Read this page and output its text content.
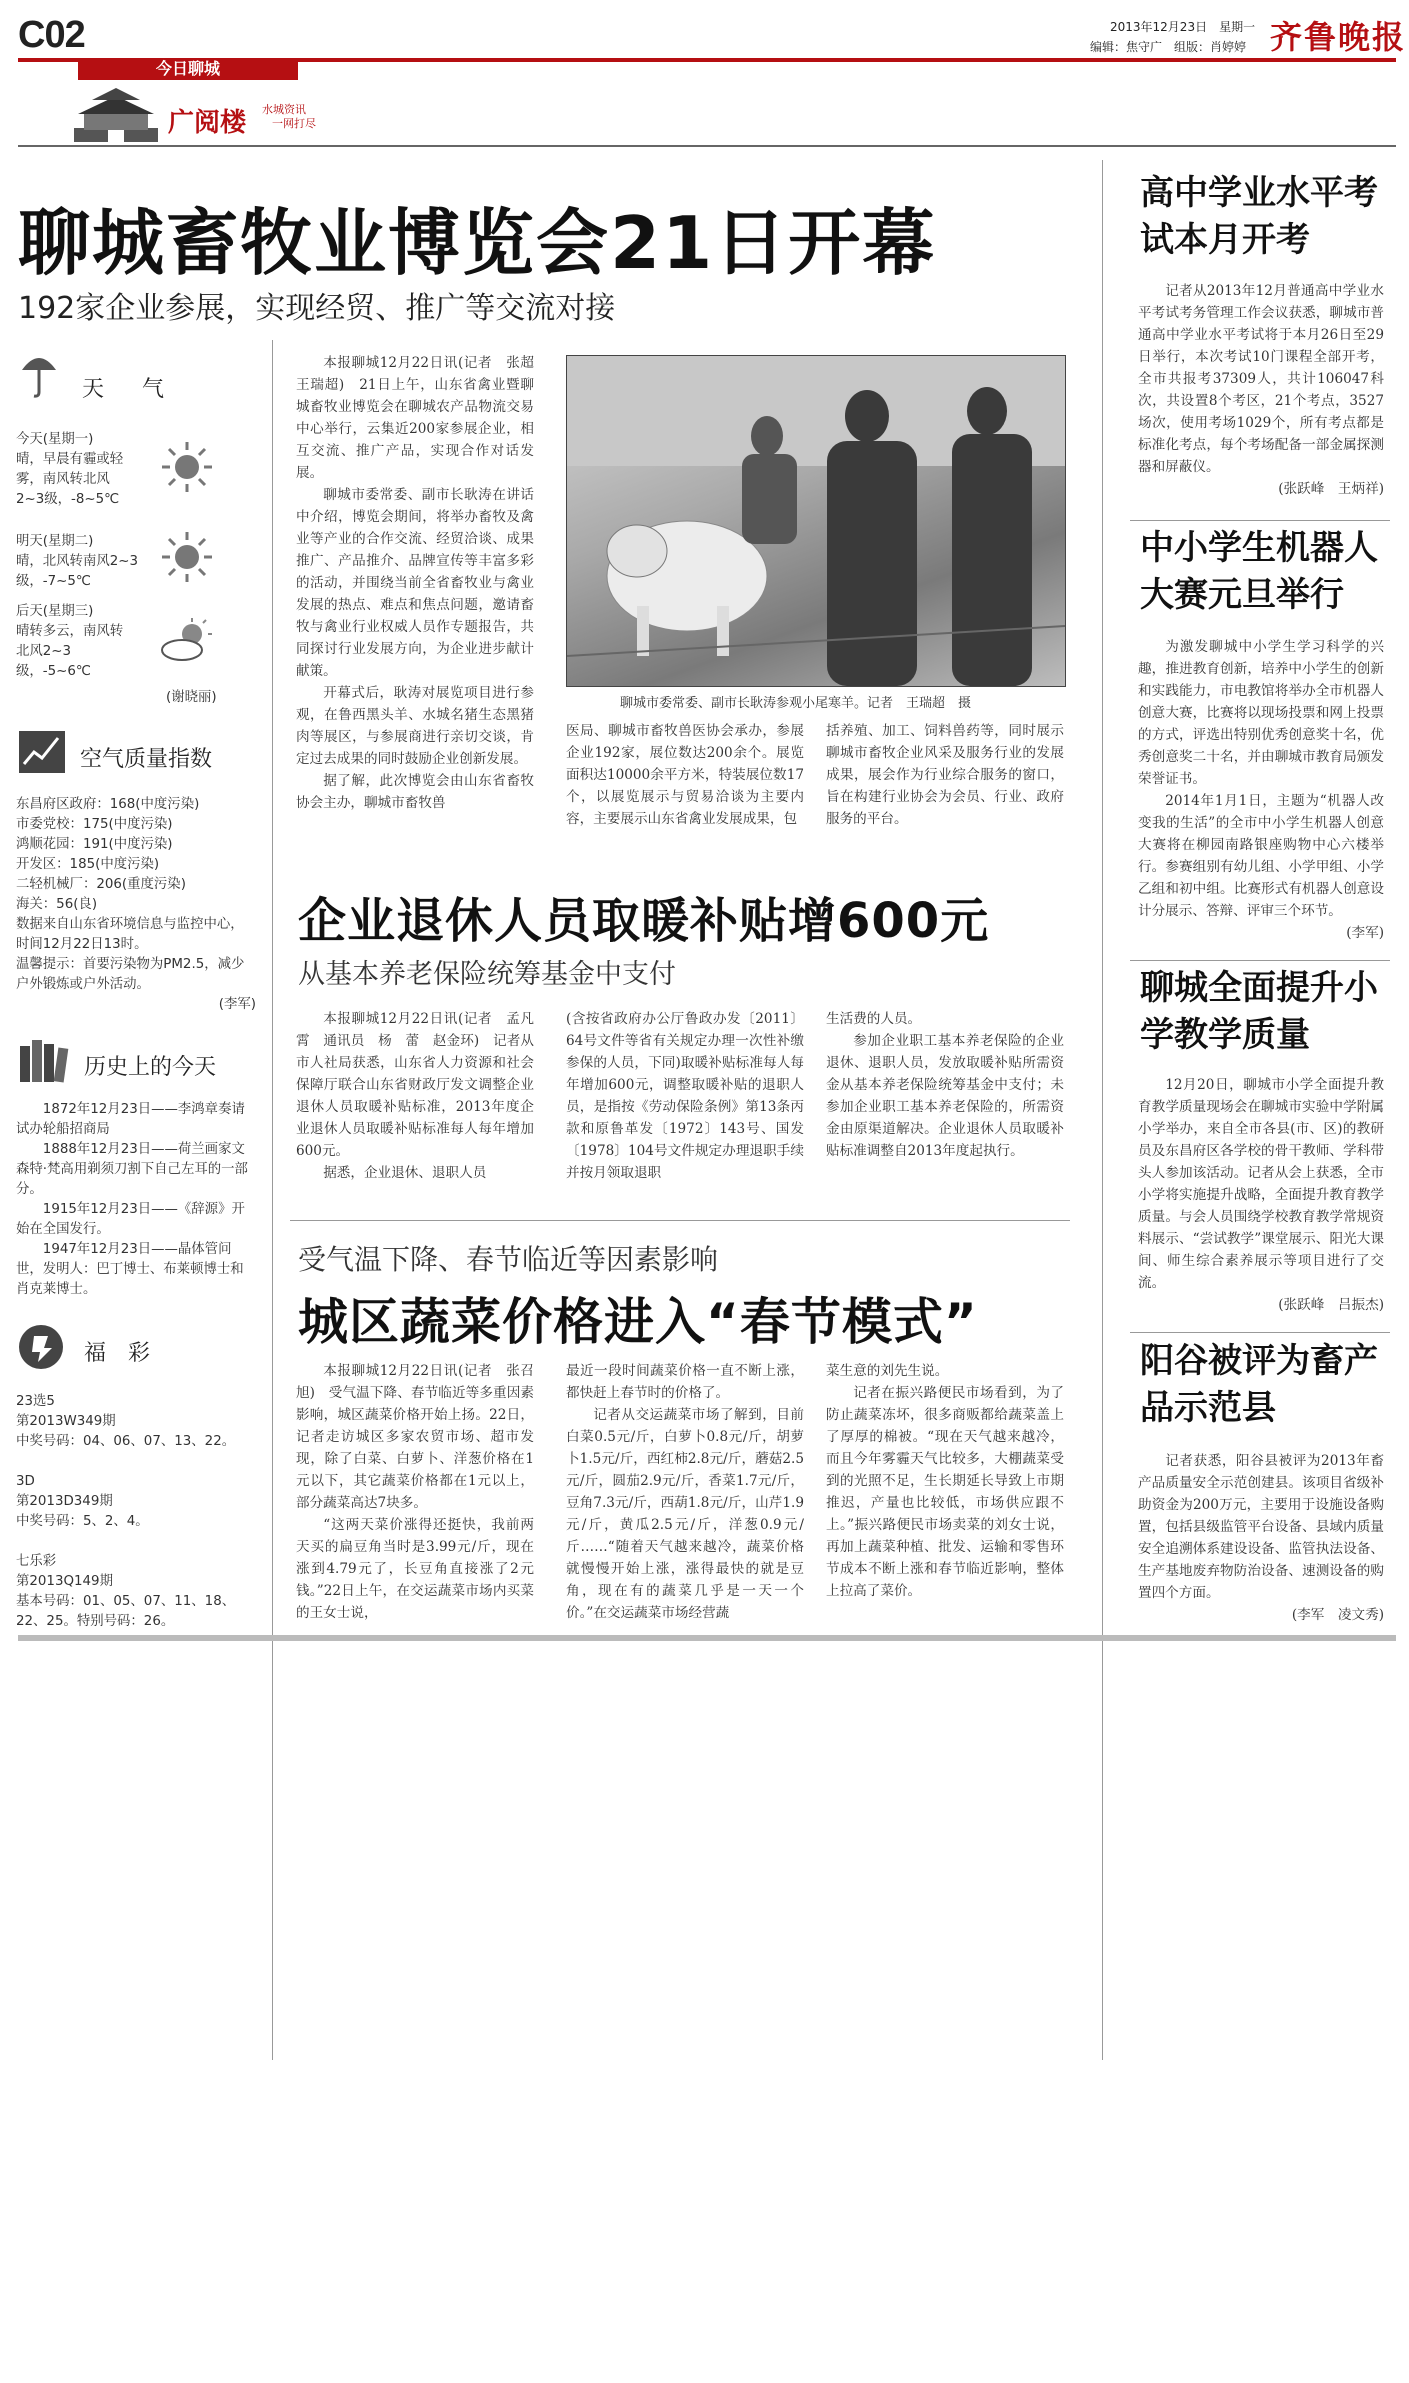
C02	2013年12月23日　星期一
编辑：焦守广　组版：肖婷婷 齐鲁晚报
今日聊城
广阅楼 水城资讯
一网打尽
聊城畜牧业博览会21日开幕
192家企业参展，实现经贸、推广等交流对接
天　气
今天(星期一)
晴，早晨有霾或轻雾，南风转北风2~3级，-8~5℃
明天(星期二)
晴，北风转南风2~3级，-7~5℃
后天(星期三)
晴转多云，南风转北风2~3级，-5~6℃
(谢晓丽)
空气质量指数
东昌府区政府：168(中度污染)
市委党校：175(中度污染)
鸿顺花园：191(中度污染)
开发区：185(中度污染)
二轻机械厂：206(重度污染)
海关：56(良)
数据来自山东省环境信息与监控中心，时间12月22日13时。
温馨提示：首要污染物为PM2.5，减少户外锻炼或户外活动。
(李军)
历史上的今天
1872年12月23日——李鸿章奏请试办轮船招商局
1888年12月23日——荷兰画家文森特·梵高用剃须刀割下自己左耳的一部分。
1915年12月23日——《辞源》开始在全国发行。
1947年12月23日——晶体管问世，发明人：巴丁博士、布莱顿博士和肖克莱博士。
福　彩
23选5
第2013W349期
中奖号码：04、06、07、13、22。
3D
第2013D349期
中奖号码：5、2、4。
七乐彩
第2013Q149期
基本号码：01、05、07、11、18、22、25。特别号码：26。

本报聊城12月22日讯(记者　张超　王瑞超)　21日上午，山东省禽业暨聊城畜牧业博览会在聊城农产品物流交易中心举行，云集近200家参展企业，相互交流、推广产品，实现合作对话发展。

聊城市委常委、副市长耿涛在讲话中介绍，博览会期间，将举办畜牧及禽业等产业的合作交流、经贸洽谈、成果推广、产品推介、品牌宣传等丰富多彩的活动，并围绕当前全省畜牧业与禽业发展的热点、难点和焦点问题，邀请畜牧与禽业行业权威人员作专题报告，共同探讨行业发展方向，为企业进步献计献策。

开幕式后，耿涛对展览项目进行参观，在鲁西黑头羊、水城名猪生态黑猪肉等展区，与参展商进行亲切交谈，肯定过去成果的同时鼓励企业创新发展。

据了解，此次博览会由山东省畜牧协会主办，聊城市畜牧兽

聊城市委常委、副市长耿涛参观小尾寒羊。记者　王瑞超　摄

医局、聊城市畜牧兽医协会承办，参展企业192家，展位数达200余个。展览面积达10000余平方米，特装展位数17个，以展览展示与贸易洽谈为主要内容，主要展示山东省禽业发展成果，包

括养殖、加工、饲料兽药等，同时展示聊城市畜牧企业风采及服务行业的发展成果，展会作为行业综合服务的窗口，旨在构建行业协会为会员、行业、政府服务的平台。

企业退休人员取暖补贴增600元
从基本养老保险统筹基金中支付

本报聊城12月22日讯(记者　孟凡霄　通讯员　杨　蕾　赵金环)　记者从市人社局获悉，山东省人力资源和社会保障厅联合山东省财政厅发文调整企业退休人员取暖补贴标准，2013年度企业退休人员取暖补贴标准每人每年增加600元。

据悉，企业退休、退职人员

(含按省政府办公厅鲁政办发〔2011〕64号文件等省有关规定办理一次性补缴参保的人员，下同)取暖补贴标准每人每年增加600元，调整取暖补贴的退职人员，是指按《劳动保险条例》第13条丙款和原鲁革发〔1972〕143号、国发〔1978〕104号文件规定办理退职手续并按月领取退职

生活费的人员。

参加企业职工基本养老保险的企业退休、退职人员，发放取暖补贴所需资金从基本养老保险统筹基金中支付；未参加企业职工基本养老保险的，所需资金由原渠道解决。企业退休人员取暖补贴标准调整自2013年度起执行。

受气温下降、春节临近等因素影响
城区蔬菜价格进入“春节模式”

本报聊城12月22日讯(记者　张召旭)　受气温下降、春节临近等多重因素影响，城区蔬菜价格开始上扬。22日，记者走访城区多家农贸市场、超市发现，除了白菜、白萝卜、洋葱价格在1元以下，其它蔬菜价格都在1元以上，部分蔬菜高达7块多。

“这两天菜价涨得还挺快，我前两天买的扁豆角当时是3.99元/斤，现在涨到4.79元了，长豆角直接涨了2元钱。”22日上午，在交运蔬菜市场内买菜的王女士说，

最近一段时间蔬菜价格一直不断上涨，都快赶上春节时的价格了。

记者从交运蔬菜市场了解到，目前白菜0.5元/斤，白萝卜0.8元/斤，胡萝卜1.5元/斤，西红柿2.8元/斤，蘑菇2.5元/斤，圆茄2.9元/斤，香菜1.7元/斤，豆角7.3元/斤，西葫1.8元/斤，山芹1.9元/斤，黄瓜2.5元/斤，洋葱0.9元/斤……“随着天气越来越冷，蔬菜价格就慢慢开始上涨，涨得最快的就是豆角，现在有的蔬菜几乎是一天一个价。”在交运蔬菜市场经营蔬

菜生意的刘先生说。

记者在振兴路便民市场看到，为了防止蔬菜冻坏，很多商贩都给蔬菜盖上了厚厚的棉被。“现在天气越来越冷，而且今年雾霾天气比较多，大棚蔬菜受到的光照不足，生长期延长导致上市期推迟，产量也比较低，市场供应跟不上。”振兴路便民市场卖菜的刘女士说，再加上蔬菜种植、批发、运输和零售环节成本不断上涨和春节临近影响，整体上拉高了菜价。

高中学业水平考试本月开考

记者从2013年12月普通高中学业水平考试考务管理工作会议获悉，聊城市普通高中学业水平考试将于本月26日至29日举行，本次考试10门课程全部开考，全市共报考37309人，共计106047科次，共设置8个考区，21个考点，3527场次，使用考场1029个，所有考点都是标准化考点，每个考场配备一部金属探测器和屏蔽仪。

(张跃峰　王炳祥)
中小学生机器人大赛元旦举行

为激发聊城中小学生学习科学的兴趣，推进教育创新，培养中小学生的创新和实践能力，市电教馆将举办全市机器人创意大赛，比赛将以现场投票和网上投票的方式，评选出特别优秀创意奖十名，优秀创意奖二十名，并由聊城市教育局颁发荣誉证书。

2014年1月1日，主题为“机器人改变我的生活”的全市中小学生机器人创意大赛将在柳园南路银座购物中心六楼举行。参赛组别有幼儿组、小学甲组、小学乙组和初中组。比赛形式有机器人创意设计分展示、答辩、评审三个环节。

(李军)
聊城全面提升小学教学质量

12月20日，聊城市小学全面提升教育教学质量现场会在聊城市实验中学附属小学举办，来自全市各县(市、区)的教研员及东昌府区各学校的骨干教师、学科带头人参加该活动。记者从会上获悉，全市小学将实施提升战略，全面提升教育教学质量。与会人员围绕学校教育教学常规资料展示、“尝试教学”课堂展示、阳光大课间、师生综合素养展示等项目进行了交流。

(张跃峰　吕振杰)
阳谷被评为畜产品示范县

记者获悉，阳谷县被评为2013年畜产品质量安全示范创建县。该项目省级补助资金为200万元，主要用于设施设备购置，包括县级监管平台设备、县域内质量安全追溯体系建设设备、监管执法设备、生产基地废弃物防治设备、速测设备的购置四个方面。

(李军　凌文秀)
